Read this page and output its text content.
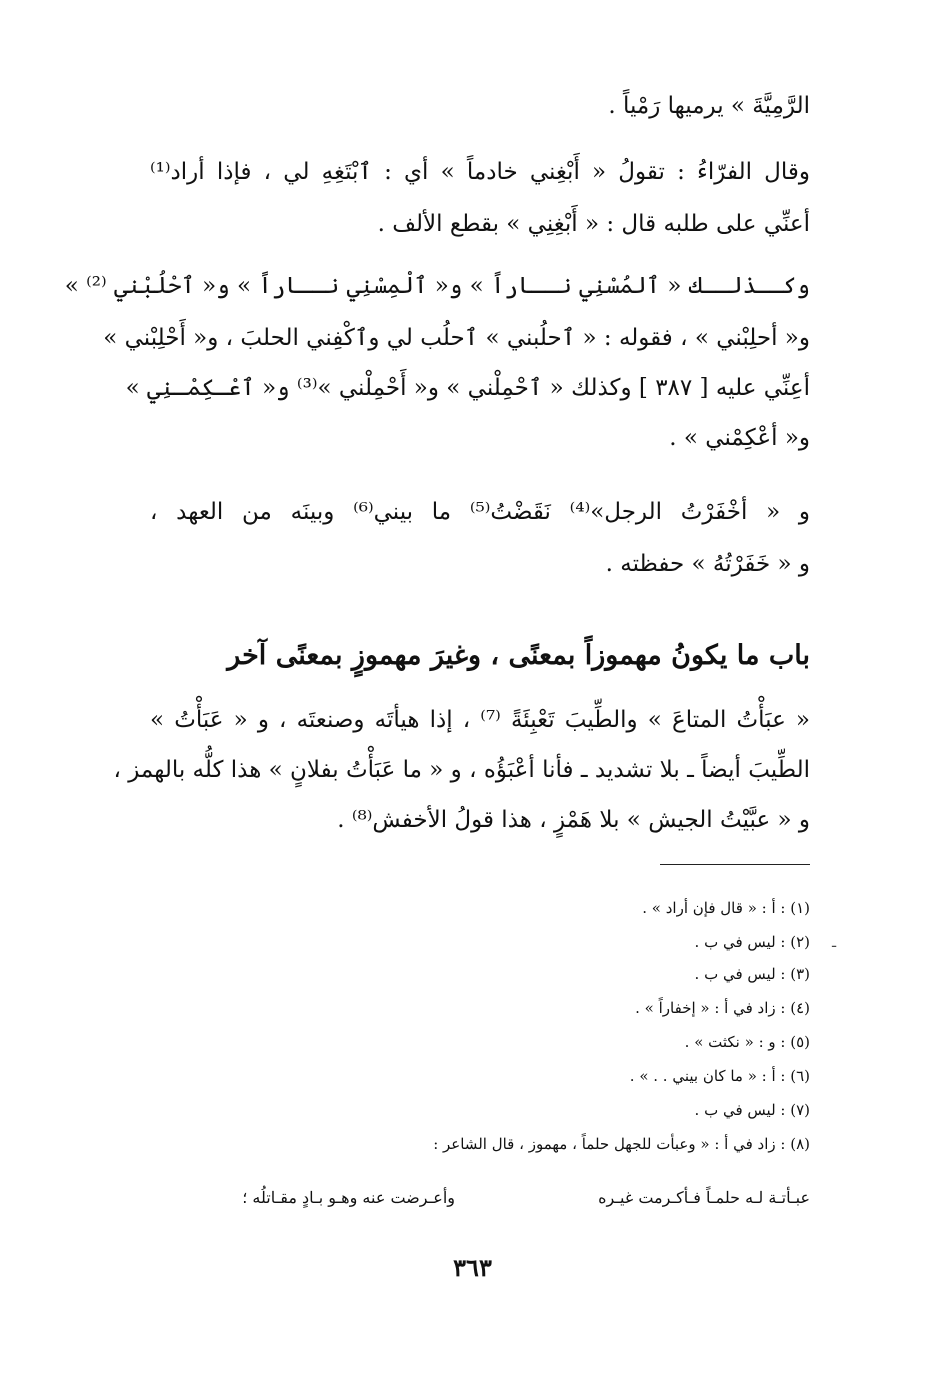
الرَّمِيَّةَ » يرميها رَمْياً .
وقال الفرّاءُ : تقولُ « أَبْغِني خادماً » أي : ٱبْتَغِهِ لي ، فإذا أراد⁽¹⁾
أعنِّي على طلبه قال : « أَبْغِنِي » بقطع الألف .
وكــذلــك « ٱلمُسْنِي نــاراً » و« ٱلْمِسْنِي نــاراً » و« ٱحْلُبْني ⁽²⁾ »
و« أحلِبْني » ، فقوله : « ٱحلُبني » ٱحلُب لي وٱكْفِني الحلبَ ، و« أَحْلِبْني »
أعِنِّي عليه [ ٣٨٧ ] وكذلك « ٱحْمِلْني » و« أَحْمِلْني »⁽³⁾ و« ٱعْـكِمْـنِي »
و« أعْكِمْني » .
و « أخْفَرْتُ الرجل»⁽⁴⁾ نَقَضْتُ⁽⁵⁾ ما بيني⁽⁶⁾ وبينَه من العهد ،
و « خَفَرْتُهُ » حفظته .
باب ما يكونُ مهموزاً بمعنًى ، وغيرَ مهموزٍ بمعنًى آخر
« عبَأْتُ المتاعَ » والطِّيبَ تَعْبِئَةً ⁽⁷⁾ ، إذا هيأتَه وصنعتَه ، و « عَبَأْتُ »
الطِّيبَ أيضاً ـ بلا تشديد ـ فأنا أعْبَؤُه ، و « ما عَبَأْتُ بفلانٍ » هذا كلُّه بالهمز ،
و « عبَّيْتُ الجيش » بلا هَمْزٍ ، هذا قولُ الأخفش⁽⁸⁾ .
(١) : أ : « قال فإن أراد » .
(٢) : ليس في ب .
(٣) : ليس في ب .
(٤) : زاد في أ : « إخفاراً » .
(٥) : و : « نكثت » .
(٦) : أ : « ما كان بيني . . » .
(٧) : ليس في ب .
(٨) : زاد في أ : « وعبأت للجهل حلماً ، مهموز ، قال الشاعر :
عبـأتـة لـه حلمـاً فـأكـرمت غيـره
وأعـرضت عنه وهـو بـادٍ مقـاتلُه ؛
ـ
٣٦٣
